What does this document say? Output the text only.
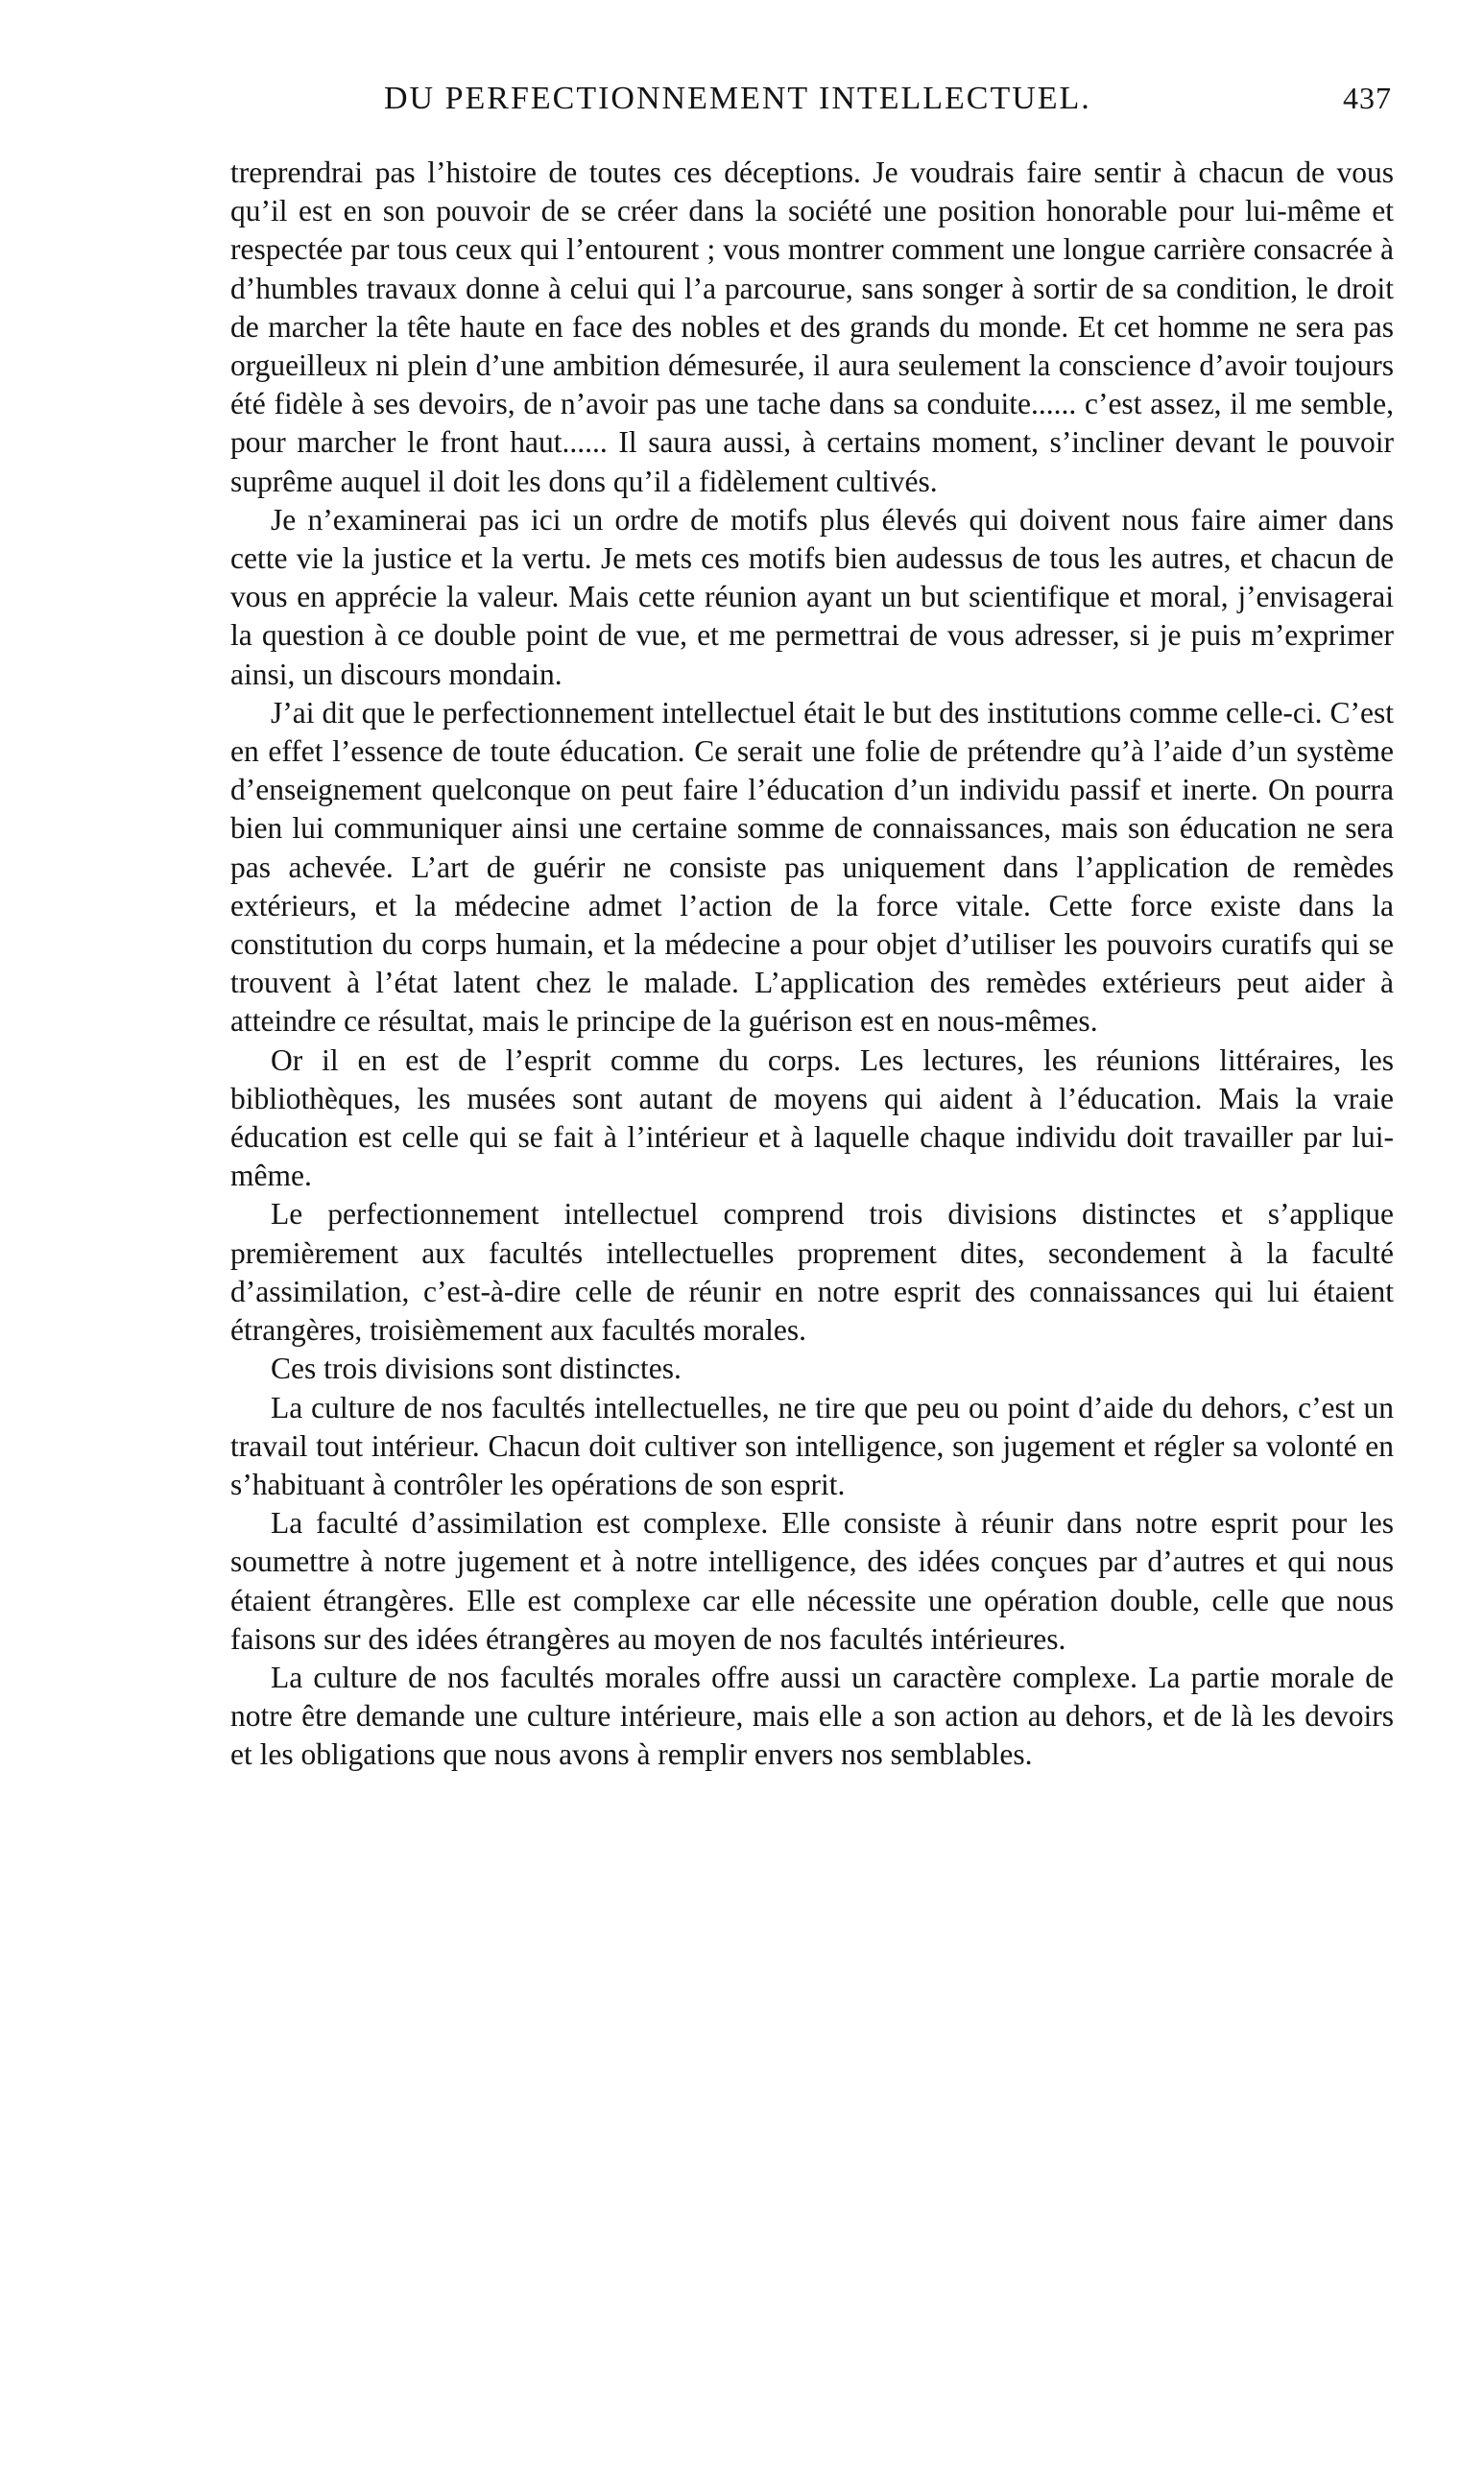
DU PERFECTIONNEMENT INTELLECTUEL.	437

treprendrai pas l’histoire de toutes ces déceptions. Je voudrais faire sentir à chacun de vous qu’il est en son pouvoir de se créer dans la société une position honorable pour lui-même et respectée par tous ceux qui l’entourent ; vous montrer comment une longue carrière consacrée à d’humbles travaux donne à celui qui l’a parcourue, sans songer à sortir de sa condition, le droit de marcher la tête haute en face des nobles et des grands du monde. Et cet homme ne sera pas orgueilleux ni plein d’une ambition démesurée, il aura seulement la conscience d’avoir toujours été fidèle à ses devoirs, de n’avoir pas une tache dans sa conduite...... c’est assez, il me semble, pour marcher le front haut...... Il saura aussi, à certains moment, s’incliner devant le pouvoir suprême auquel il doit les dons qu’il a fidèlement cultivés.

Je n’examinerai pas ici un ordre de motifs plus élevés qui doivent nous faire aimer dans cette vie la justice et la vertu. Je mets ces motifs bien audessus de tous les autres, et chacun de vous en apprécie la valeur. Mais cette réunion ayant un but scientifique et moral, j’envisagerai la question à ce double point de vue, et me permettrai de vous adresser, si je puis m’exprimer ainsi, un discours mondain.

J’ai dit que le perfectionnement intellectuel était le but des institutions comme celle-ci. C’est en effet l’essence de toute éducation. Ce serait une folie de prétendre qu’à l’aide d’un système d’enseignement quelconque on peut faire l’éducation d’un individu passif et inerte. On pourra bien lui communiquer ainsi une certaine somme de connaissances, mais son éducation ne sera pas achevée. L’art de guérir ne consiste pas uniquement dans l’application de remèdes extérieurs, et la médecine admet l’action de la force vitale. Cette force existe dans la constitution du corps humain, et la médecine a pour objet d’utiliser les pouvoirs curatifs qui se trouvent à l’état latent chez le malade. L’application des remèdes extérieurs peut aider à atteindre ce résultat, mais le principe de la guérison est en nous-mêmes.

Or il en est de l’esprit comme du corps. Les lectures, les réunions littéraires, les bibliothèques, les musées sont autant de moyens qui aident à l’éducation. Mais la vraie éducation est celle qui se fait à l’intérieur et à laquelle chaque individu doit travailler par lui-même.

Le perfectionnement intellectuel comprend trois divisions distinctes et s’applique premièrement aux facultés intellectuelles proprement dites, secondement à la faculté d’assimilation, c’est-à-dire celle de réunir en notre esprit des connaissances qui lui étaient étrangères, troisièmement aux facultés morales.

Ces trois divisions sont distinctes.

La culture de nos facultés intellectuelles, ne tire que peu ou point d’aide du dehors, c’est un travail tout intérieur. Chacun doit cultiver son intelligence, son jugement et régler sa volonté en s’habituant à contrôler les opérations de son esprit.

La faculté d’assimilation est complexe. Elle consiste à réunir dans notre esprit pour les soumettre à notre jugement et à notre intelligence, des idées conçues par d’autres et qui nous étaient étrangères. Elle est complexe car elle nécessite une opération double, celle que nous faisons sur des idées étrangères au moyen de nos facultés intérieures.

La culture de nos facultés morales offre aussi un caractère complexe. La partie morale de notre être demande une culture intérieure, mais elle a son action au dehors, et de là les devoirs et les obligations que nous avons à remplir envers nos semblables.
